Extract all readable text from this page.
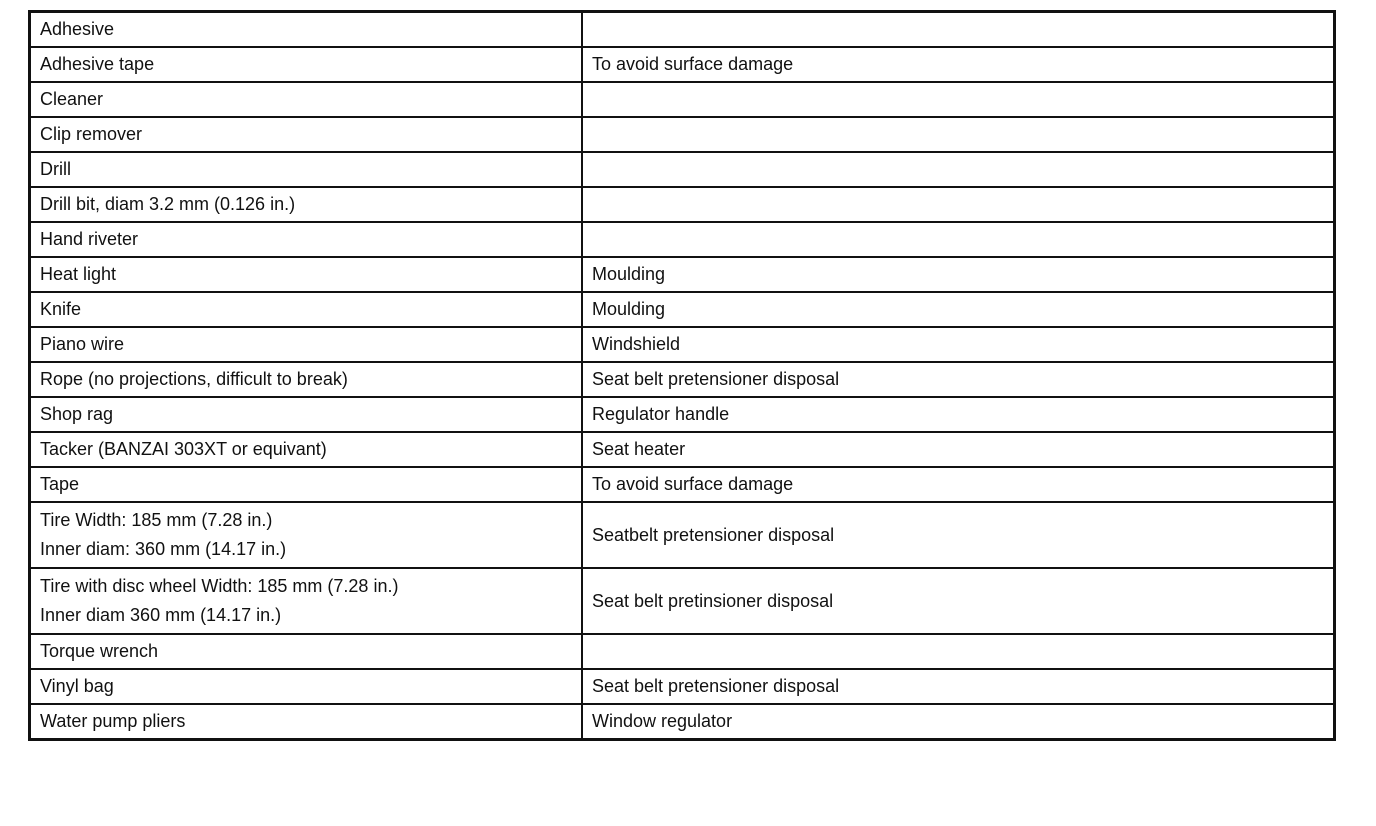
Adhesive	

Adhesive tape	To avoid surface damage

Cleaner	

Clip remover	

Drill	

Drill bit, diam 3.2 mm (0.126 in.)	

Hand riveter	

Heat light	Moulding

Knife	Moulding

Piano wire	Windshield

Rope (no projections, difficult to break)	Seat belt pretensioner disposal

Shop rag	Regulator handle

Tacker (BANZAI 303XT or equivant)	Seat heater

Tape	To avoid surface damage

Tire Width: 185 mm (7.28 in.)
Inner diam: 360 mm (14.17 in.)	Seatbelt pretensioner disposal

Tire with disc wheel Width: 185 mm (7.28 in.)
Inner diam 360 mm (14.17 in.)	Seat belt pretinsioner disposal

Torque wrench	

Vinyl bag	Seat belt pretensioner disposal

Water pump pliers	Window regulator
